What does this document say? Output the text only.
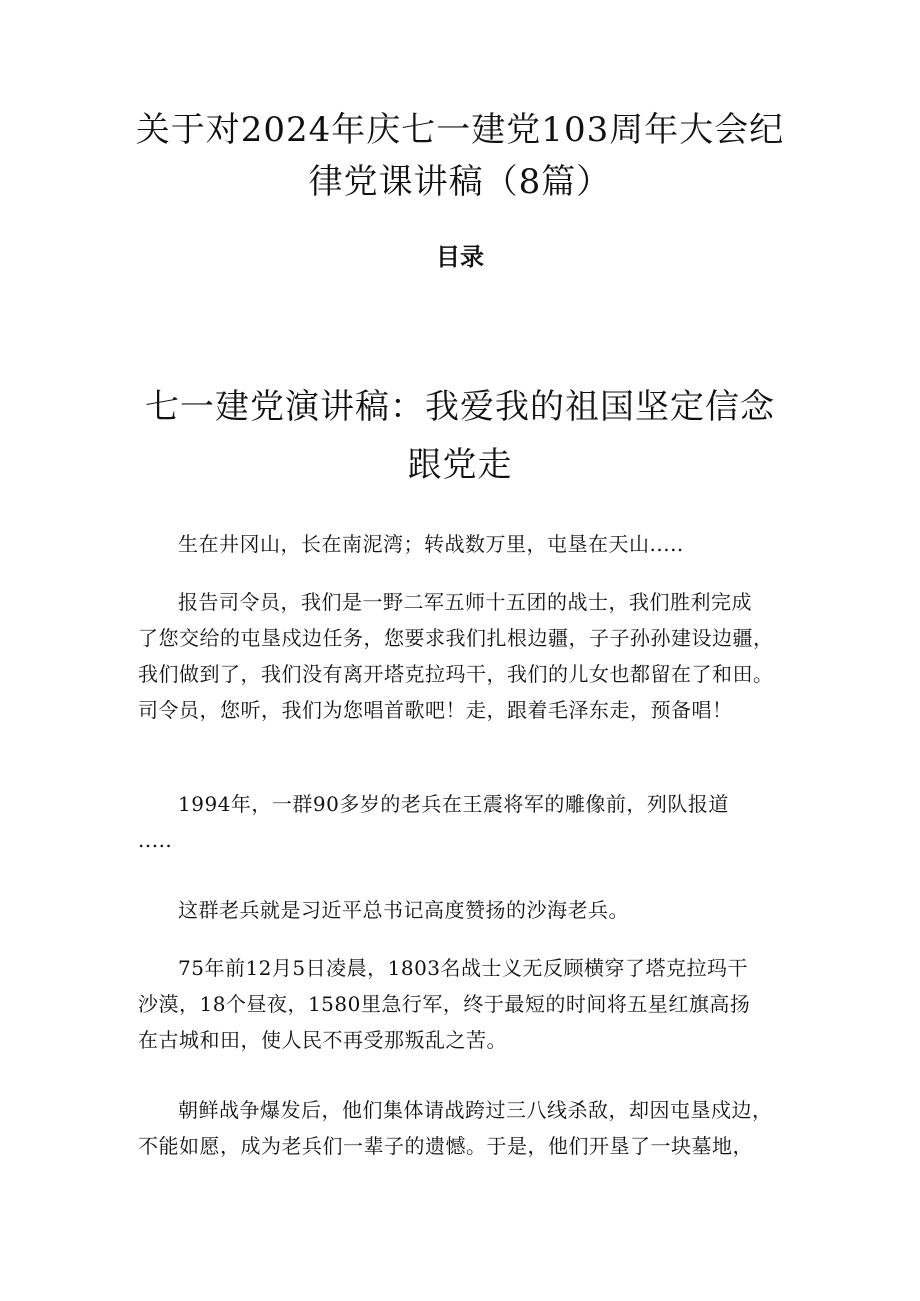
关于对2024年庆七一建党103周年大会纪
律党课讲稿（8篇）
目录
七一建党演讲稿：我爱我的祖国坚定信念
跟党走

生在井冈山，长在南泥湾；转战数万里，屯垦在天山.....

报告司令员，我们是一野二军五师十五团的战士，我们胜利完成
了您交给的屯垦戍边任务，您要求我们扎根边疆，子子孙孙建设边疆，
我们做到了，我们没有离开塔克拉玛干，我们的儿女也都留在了和田。
司令员，您听，我们为您唱首歌吧！走，跟着毛泽东走，预备唱！

1994年，一群90多岁的老兵在王震将军的雕像前，列队报道
.....

这群老兵就是习近平总书记高度赞扬的沙海老兵。

75年前12月5日凌晨，1803名战士义无反顾横穿了塔克拉玛干
沙漠，18个昼夜，1580里急行军，终于最短的时间将五星红旗高扬
在古城和田，使人民不再受那叛乱之苦。

朝鲜战争爆发后，他们集体请战跨过三八线杀敌，却因屯垦戍边，
不能如愿，成为老兵们一辈子的遗憾。于是，他们开垦了一块墓地，
